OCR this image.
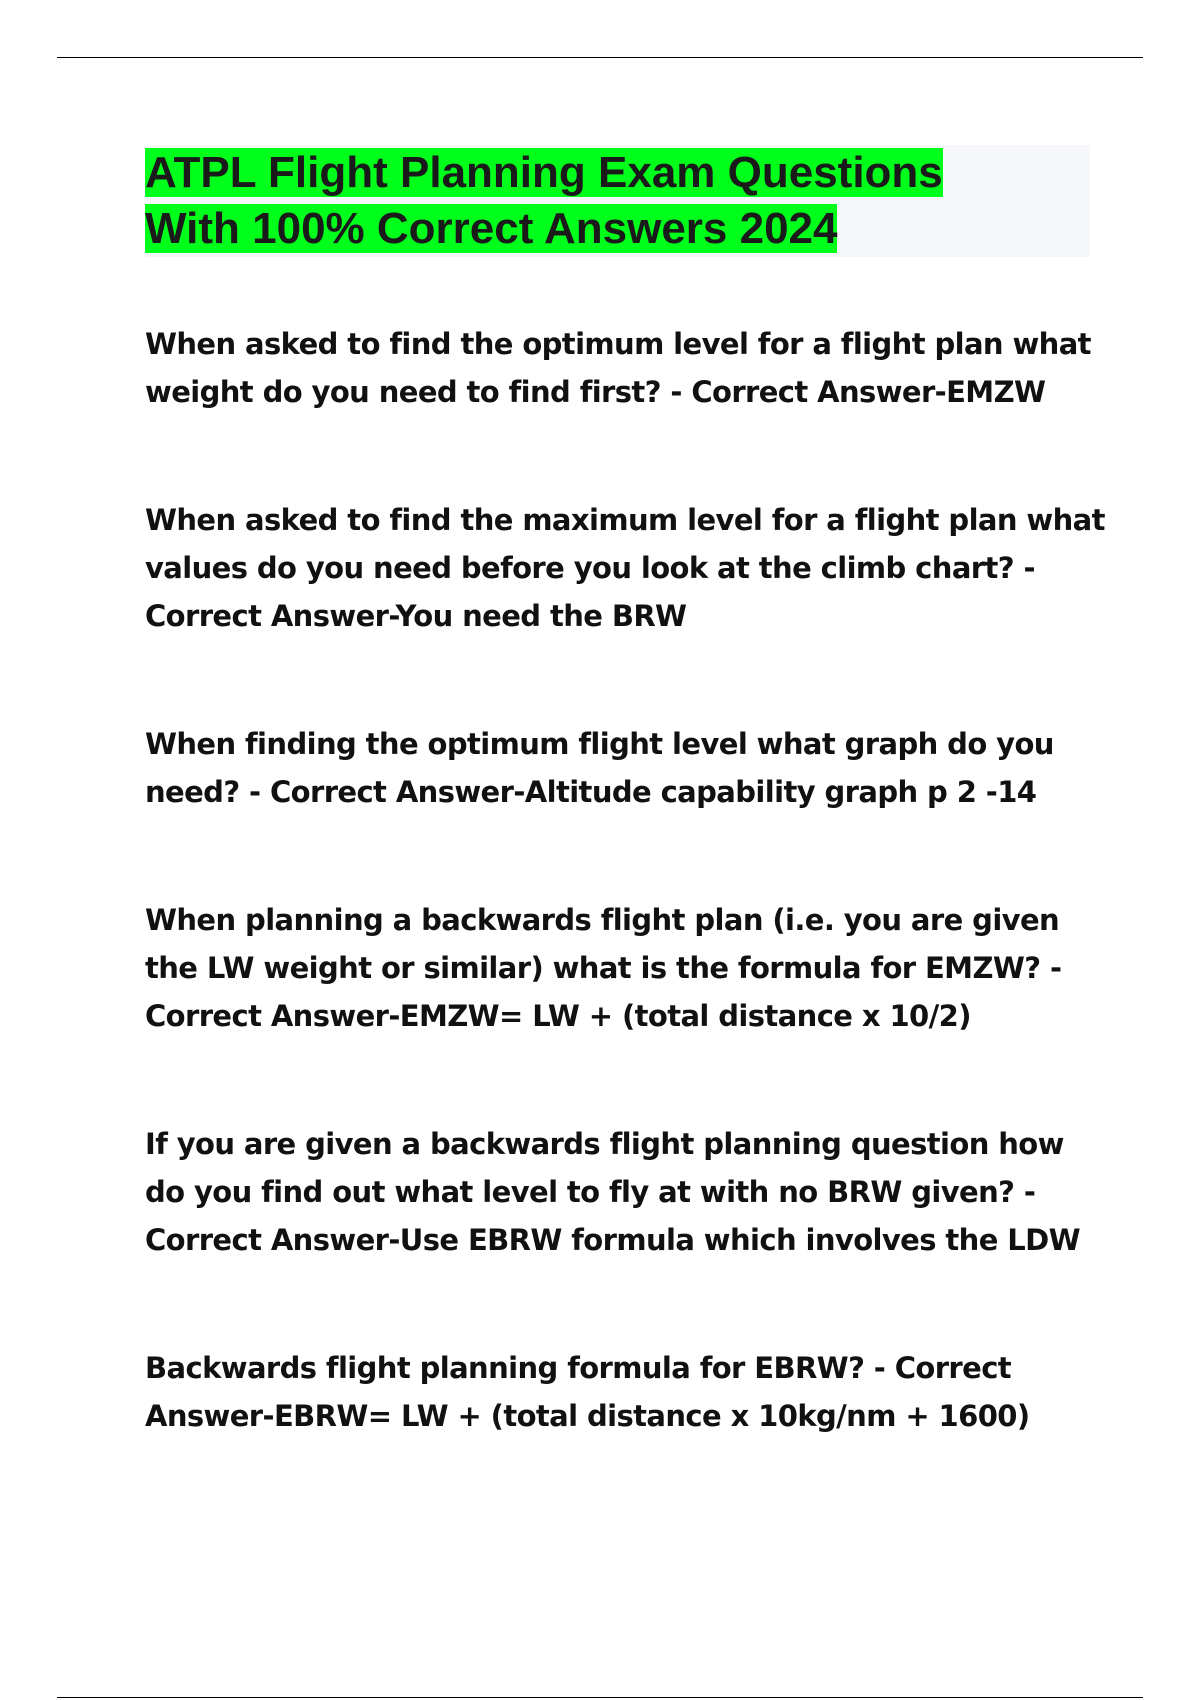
ATPL Flight Planning Exam Questions
With 100% Correct Answers 2024
When asked to find the optimum level for a flight plan what weight do you need to find first? - Correct Answer-EMZW
When asked to find the maximum level for a flight plan what values do you need before you look at the climb chart? - Correct Answer-You need the BRW
When finding the optimum flight level what graph do you need? - Correct Answer-Altitude capability graph p 2 -14
When planning a backwards flight plan (i.e. you are given the LW weight or similar) what is the formula for EMZW? - Correct Answer-EMZW= LW + (total distance x 10/2)
If you are given a backwards flight planning question how do you find out what level to fly at with no BRW given? - Correct Answer-Use EBRW formula which involves the LDW
Backwards flight planning formula for EBRW? - Correct Answer-EBRW= LW + (total distance x 10kg/nm + 1600)
